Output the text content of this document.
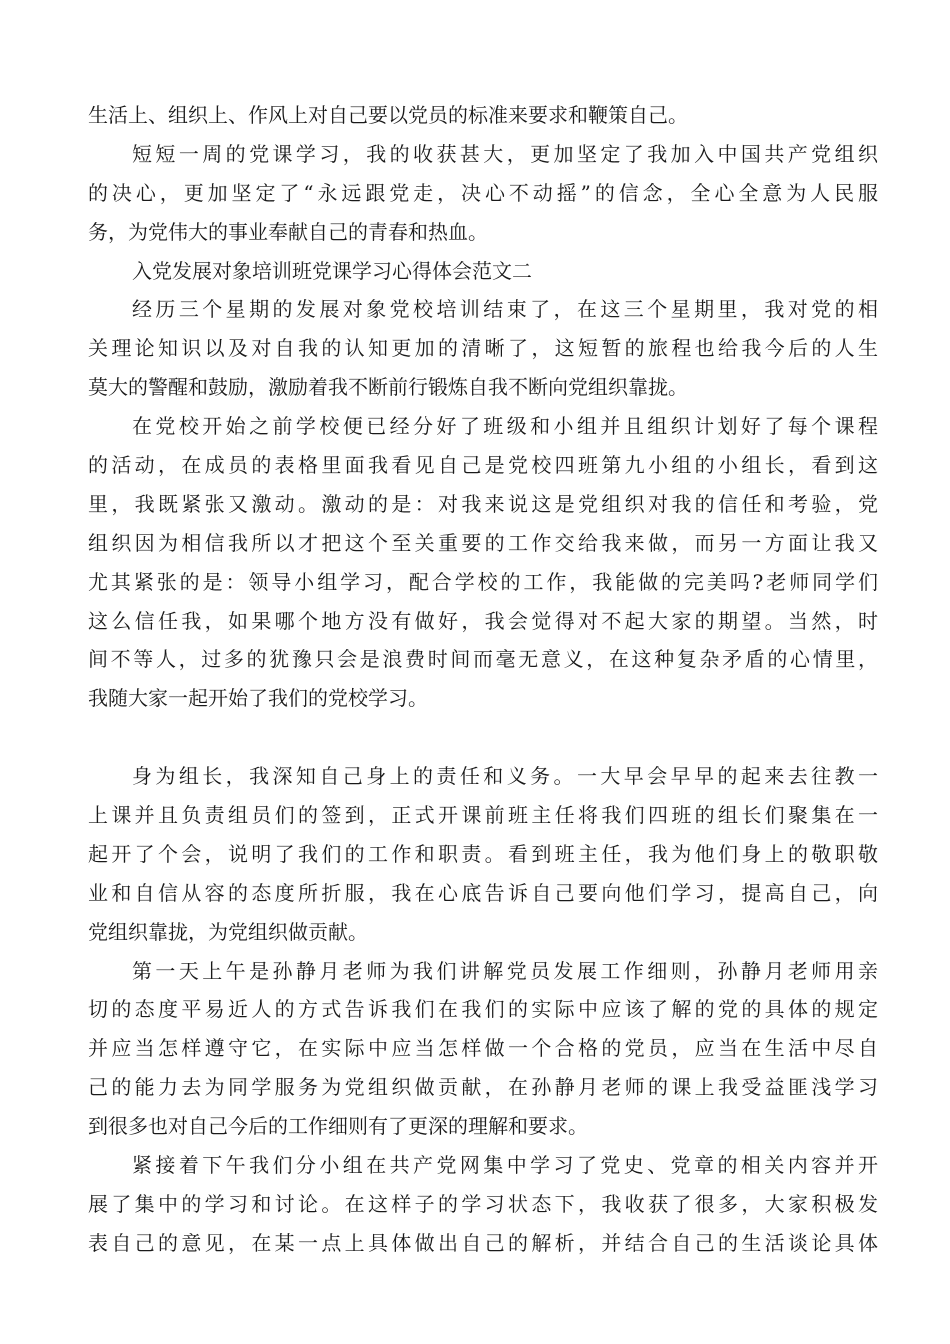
生活上、组织上、作风上对自己要以党员的标准来要求和鞭策自己。
短短一周的党课学习，我的收获甚大，更加坚定了我加入中国共产党组织
的决心，更加坚定了“永远跟党走，决心不动摇”的信念，全心全意为人民服
务，为党伟大的事业奉献自己的青春和热血。
入党发展对象培训班党课学习心得体会范文二
经历三个星期的发展对象党校培训结束了，在这三个星期里，我对党的相
关理论知识以及对自我的认知更加的清晰了，这短暂的旅程也给我今后的人生
莫大的警醒和鼓励，激励着我不断前行锻炼自我不断向党组织靠拢。
在党校开始之前学校便已经分好了班级和小组并且组织计划好了每个课程
的活动，在成员的表格里面我看见自己是党校四班第九小组的小组长，看到这
里，我既紧张又激动。激动的是：对我来说这是党组织对我的信任和考验，党
组织因为相信我所以才把这个至关重要的工作交给我来做，而另一方面让我又
尤其紧张的是：领导小组学习，配合学校的工作，我能做的完美吗?老师同学们
这么信任我，如果哪个地方没有做好，我会觉得对不起大家的期望。当然，时
间不等人，过多的犹豫只会是浪费时间而毫无意义，在这种复杂矛盾的心情里，
我随大家一起开始了我们的党校学习。
身为组长，我深知自己身上的责任和义务。一大早会早早的起来去往教一
上课并且负责组员们的签到，正式开课前班主任将我们四班的组长们聚集在一
起开了个会，说明了我们的工作和职责。看到班主任，我为他们身上的敬职敬
业和自信从容的态度所折服，我在心底告诉自己要向他们学习，提高自己，向
党组织靠拢，为党组织做贡献。
第一天上午是孙静月老师为我们讲解党员发展工作细则，孙静月老师用亲
切的态度平易近人的方式告诉我们在我们的实际中应该了解的党的具体的规定
并应当怎样遵守它，在实际中应当怎样做一个合格的党员，应当在生活中尽自
己的能力去为同学服务为党组织做贡献，在孙静月老师的课上我受益匪浅学习
到很多也对自己今后的工作细则有了更深的理解和要求。
紧接着下午我们分小组在共产党网集中学习了党史、党章的相关内容并开
展了集中的学习和讨论。在这样子的学习状态下，我收获了很多，大家积极发
表自己的意见，在某一点上具体做出自己的解析，并结合自己的生活谈论具体
